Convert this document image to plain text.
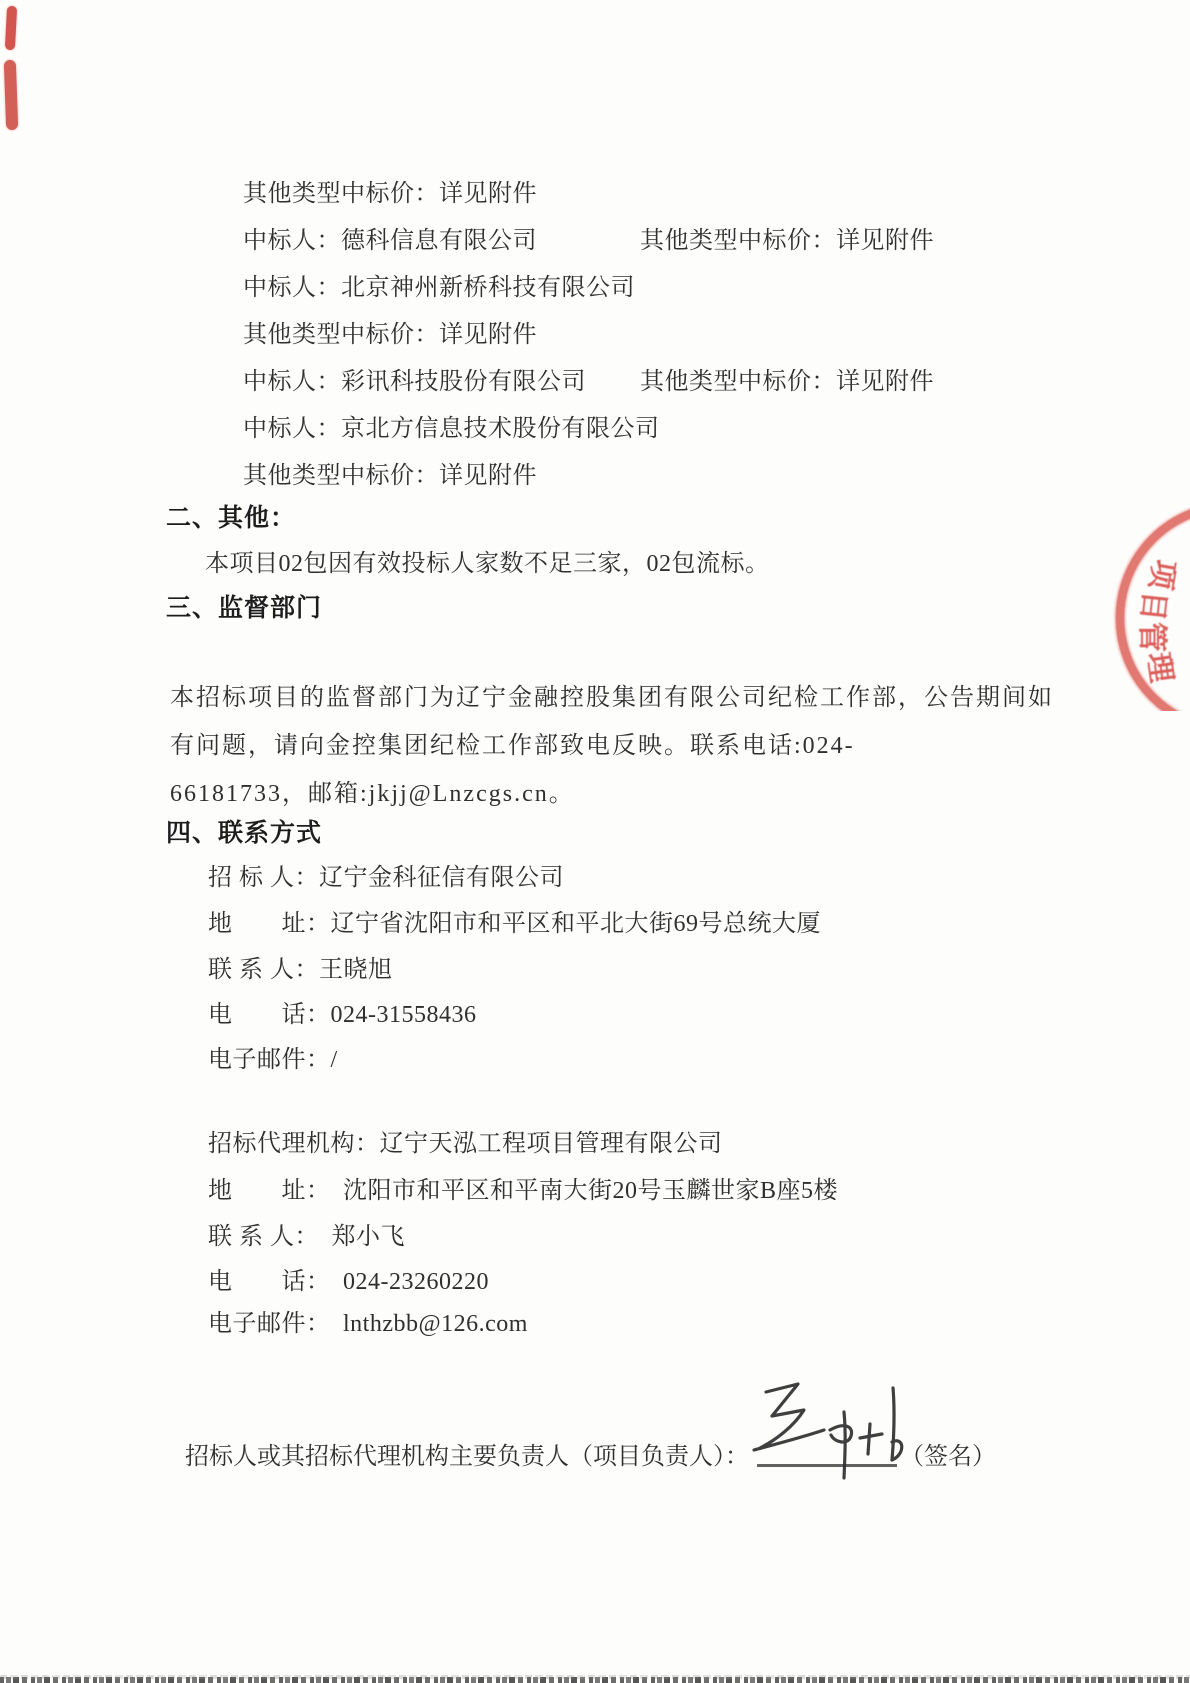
其他类型中标价：详见附件
中标人：德科信息有限公司	其他类型中标价：详见附件
中标人：北京神州新桥科技有限公司
其他类型中标价：详见附件
中标人：彩讯科技股份有限公司 其他类型中标价：详见附件
中标人：京北方信息技术股份有限公司
其他类型中标价：详见附件
二、其他：
本项目02包因有效投标人家数不足三家，02包流标。
三、监督部门
本招标项目的监督部门为辽宁金融控股集团有限公司纪检工作部，公告期间如
有问题，请向金控集团纪检工作部致电反映。联系电话:024-
66181733，邮箱:jkjj@Lnzcgs.cn。
四、联系方式
招 标 人：辽宁金科征信有限公司
地　　址：辽宁省沈阳市和平区和平北大街69号总统大厦
联 系 人：王晓旭
电　　话：024-31558436
电子邮件：/
招标代理机构：辽宁天泓工程项目管理有限公司
地　　址：　沈阳市和平区和平南大街20号玉麟世家B座5楼
联 系 人：　郑小飞
电　　话：　024-23260220
电子邮件：　lnthzbb@126.com
招标人或其招标代理机构主要负责人（项目负责人）：	（签名）
项
目
管
理
